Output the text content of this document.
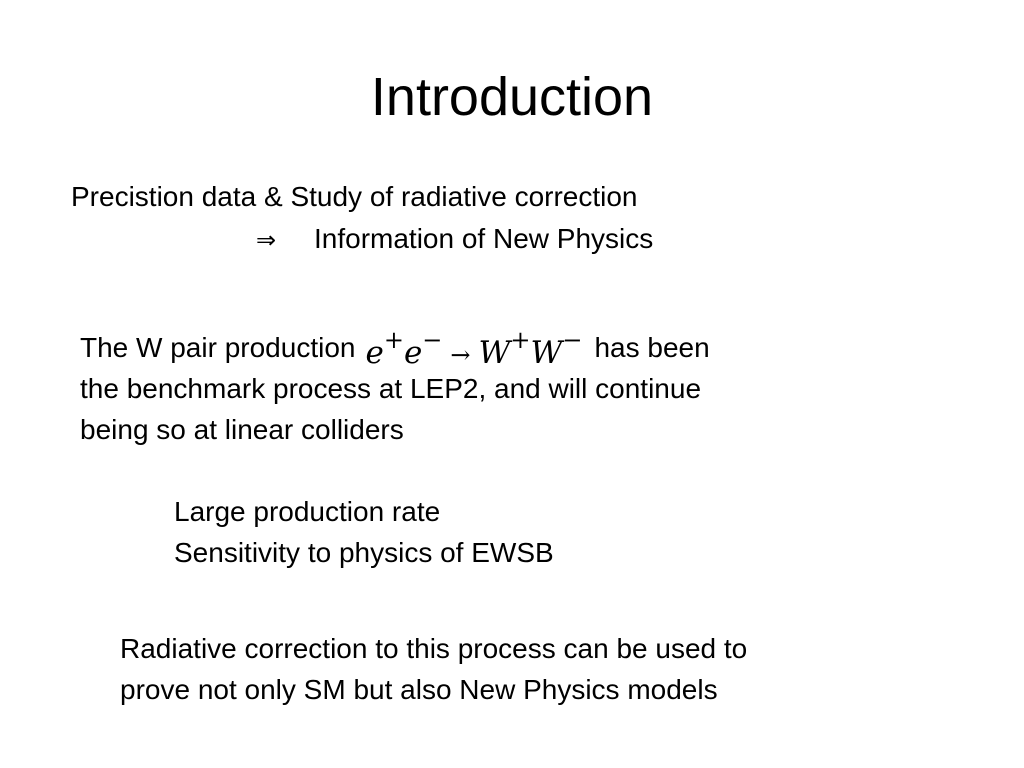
Introduction

Precistion data & Study of radiative correction

⇒ Information of New Physics

The W pair production e+e−→ W+W− has been

the benchmark process at LEP2, and will continue

being so at linear colliders

Large production rate

Sensitivity to physics of EWSB

Radiative correction to this process can be used to

prove not only SM but also New Physics models
